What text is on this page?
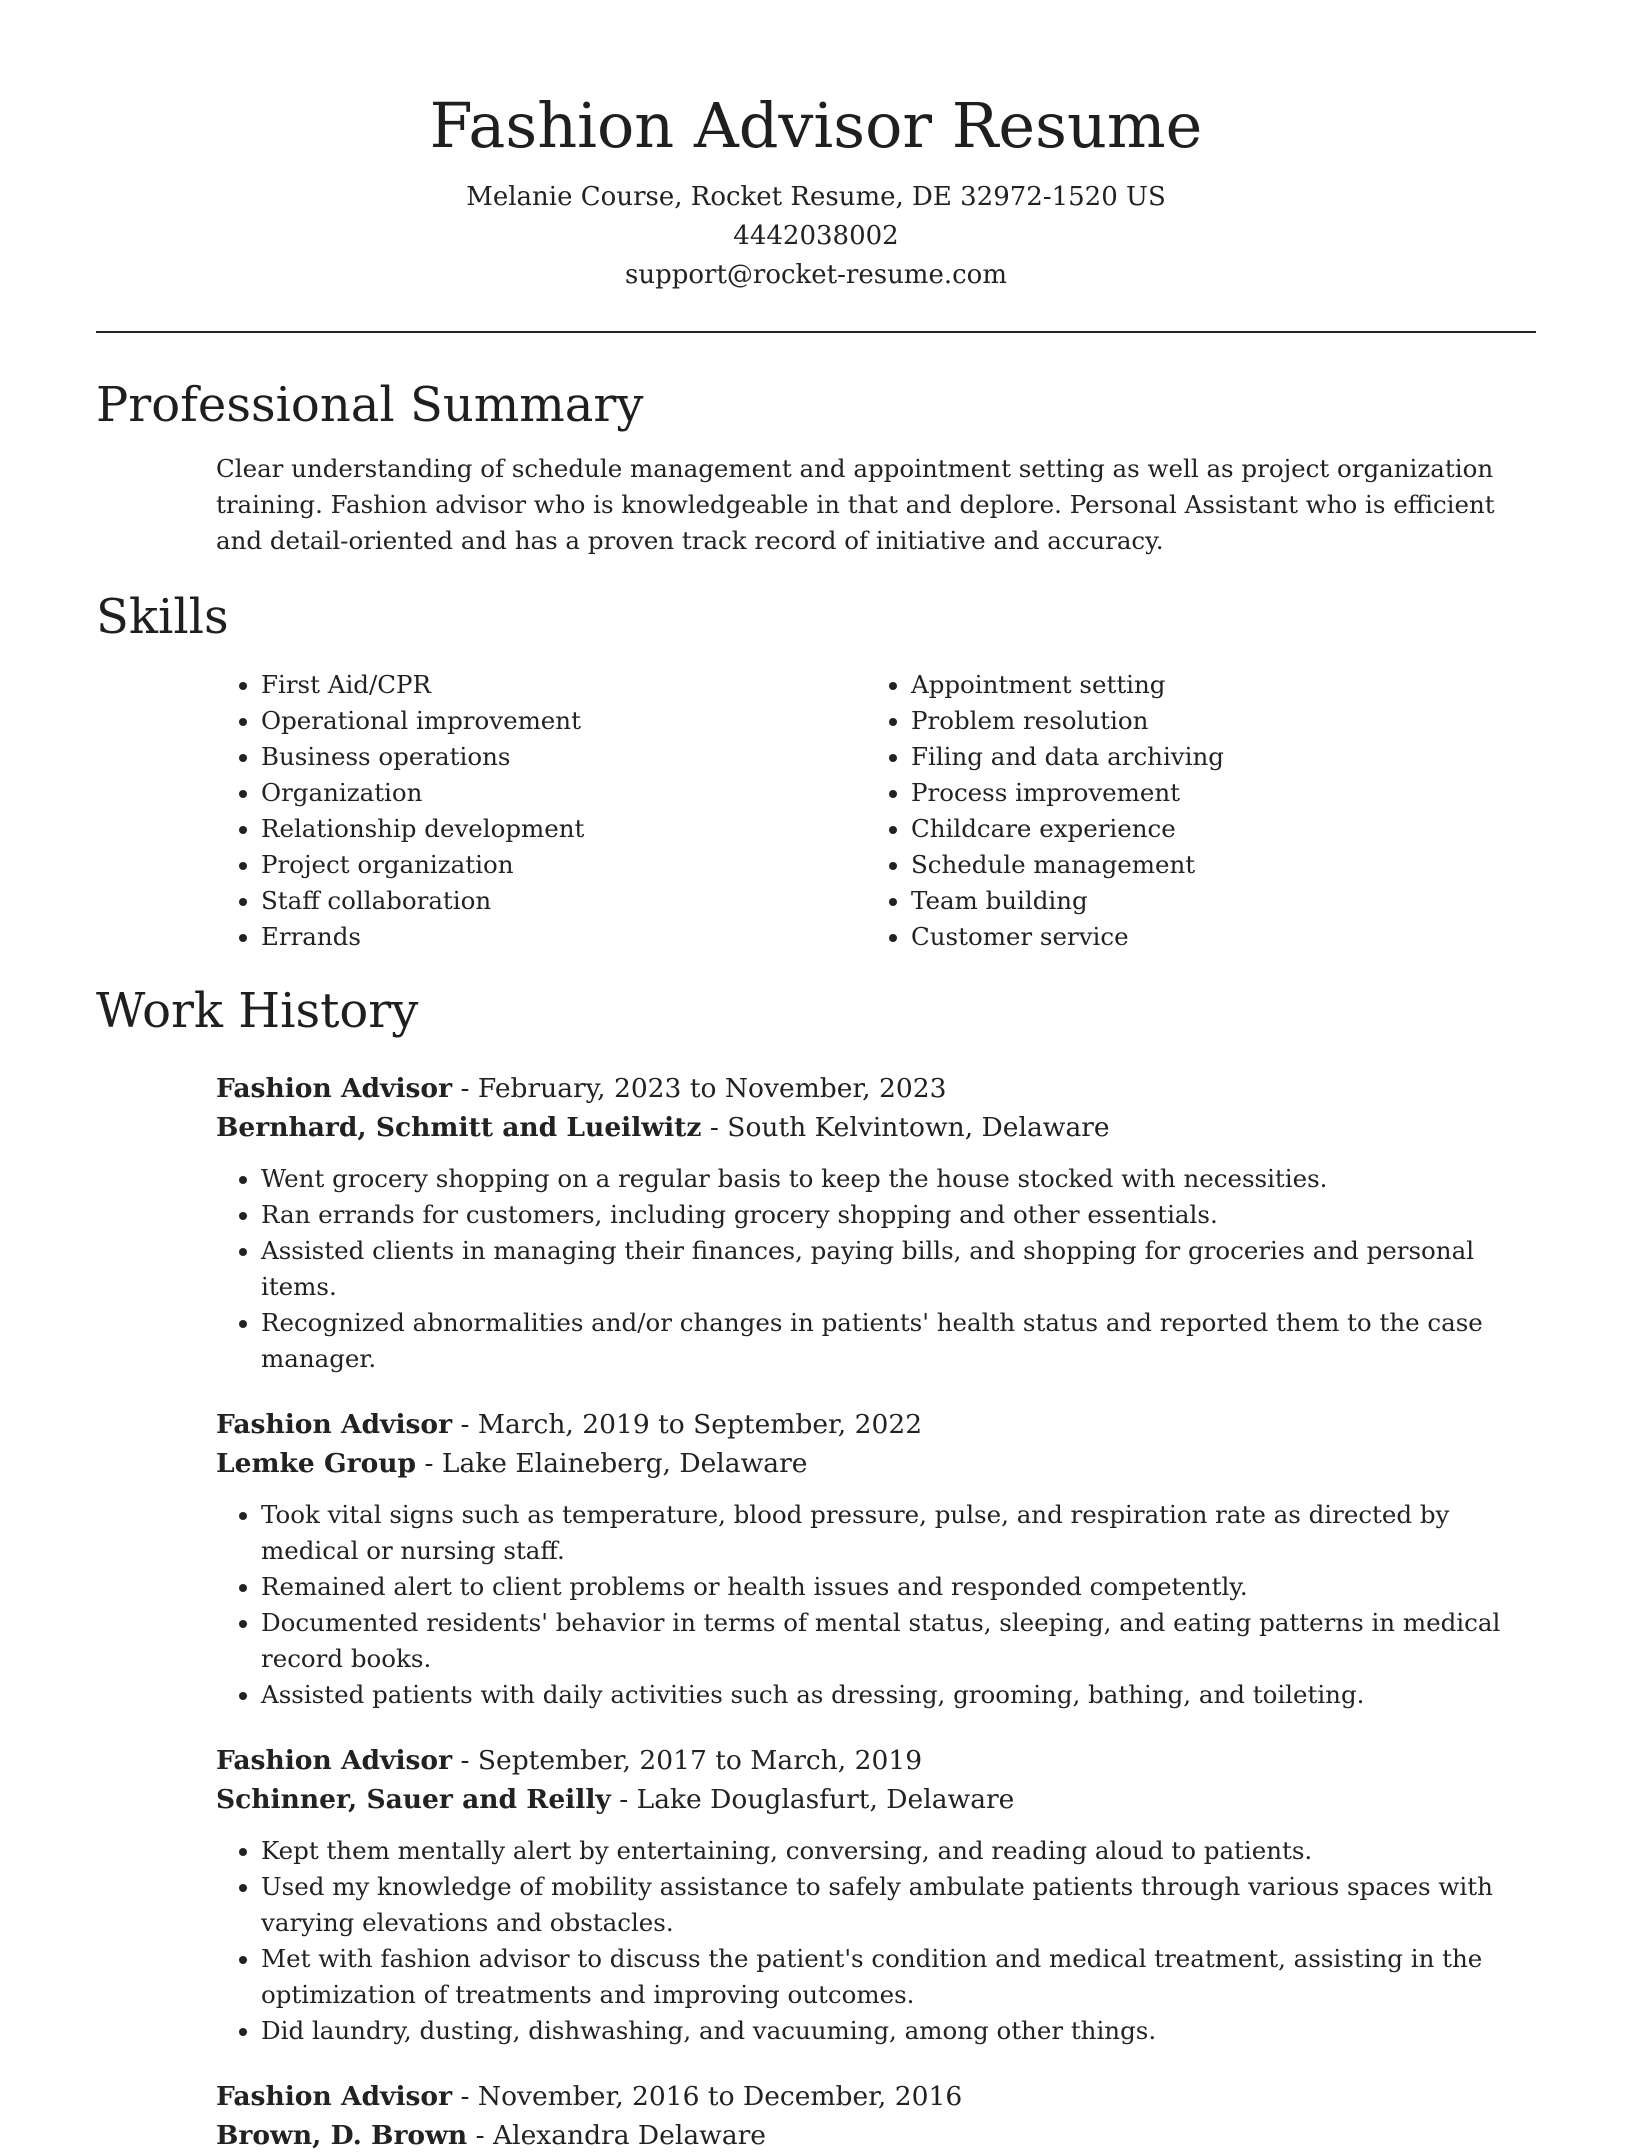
Fashion Advisor Resume
Melanie Course, Rocket Resume, DE 32972-1520 US
4442038002
support@rocket-resume.com
Professional Summary

Clear understanding of schedule management and appointment setting as well as project organization training. Fashion advisor who is knowledgeable in that and deplore. Personal Assistant who is efficient and detail-oriented and has a proven track record of initiative and accuracy.

Skills
• First Aid/CPR
• Operational improvement
• Business operations
• Organization
• Relationship development
• Project organization
• Staff collaboration
• Errands
• Appointment setting
• Problem resolution
• Filing and data archiving
• Process improvement
• Childcare experience
• Schedule management
• Team building
• Customer service
Work History
Fashion Advisor - February, 2023 to November, 2023
Bernhard, Schmitt and Lueilwitz - South Kelvintown, Delaware
• Went grocery shopping on a regular basis to keep the house stocked with necessities.
• Ran errands for customers, including grocery shopping and other essentials.
• Assisted clients in managing their finances, paying bills, and shopping for groceries and personal items.
• Recognized abnormalities and/or changes in patients' health status and reported them to the case manager.
Fashion Advisor - March, 2019 to September, 2022
Lemke Group - Lake Elaineberg, Delaware
• Took vital signs such as temperature, blood pressure, pulse, and respiration rate as directed by medical or nursing staff.
• Remained alert to client problems or health issues and responded competently.
• Documented residents' behavior in terms of mental status, sleeping, and eating patterns in medical record books.
• Assisted patients with daily activities such as dressing, grooming, bathing, and toileting.
Fashion Advisor - September, 2017 to March, 2019
Schinner, Sauer and Reilly - Lake Douglasfurt, Delaware
• Kept them mentally alert by entertaining, conversing, and reading aloud to patients.
• Used my knowledge of mobility assistance to safely ambulate patients through various spaces with varying elevations and obstacles.
• Met with fashion advisor to discuss the patient's condition and medical treatment, assisting in the optimization of treatments and improving outcomes.
• Did laundry, dusting, dishwashing, and vacuuming, among other things.
Fashion Advisor - November, 2016 to December, 2016
Brown, D. Brown - Alexandra Delaware
